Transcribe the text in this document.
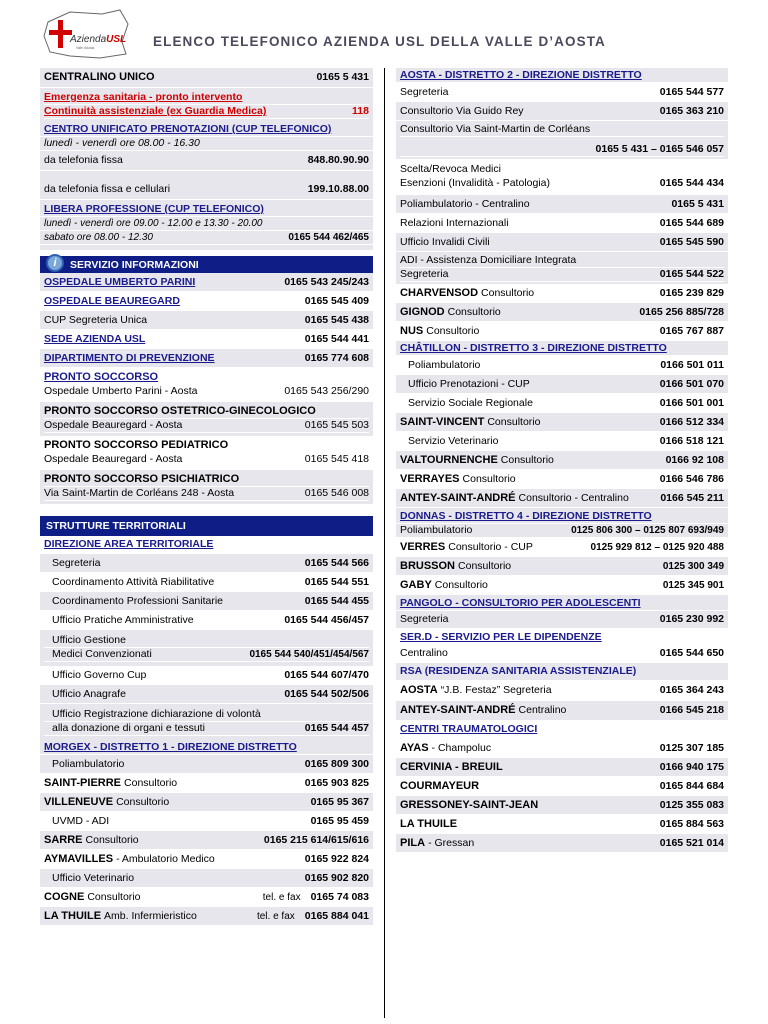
AziendaUSL
Valle d'Aosta	ELENCO TELEFONICO AZIENDA USL DELLA VALLE D’AOSTA
CENTRALINO UNICO	0165 5 431
Emergenza sanitaria - pronto intervento
Continuità assistenziale (ex Guardia Medica)	118
CENTRO UNIFICATO PRENOTAZIONI (CUP TELEFONICO)
lunedì - venerdì ore 08.00 - 16.30
da telefonia fissa	848.80.90.90
da telefonia fissa e cellulari	199.10.88.00
LIBERA PROFESSIONE (CUP TELEFONICO)
lunedì - venerdì ore 09.00 - 12.00 e 13.30 - 20.00
sabato ore 08.00 - 12.30	0165 544 462/465
i	SERVIZIO INFORMAZIONI
OSPEDALE UMBERTO PARINI	0165 543 245/243
OSPEDALE BEAUREGARD	0165 545 409
CUP Segreteria Unica	0165 545 438
SEDE AZIENDA USL	0165 544 441
DIPARTIMENTO DI PREVENZIONE	0165 774 608
PRONTO SOCCORSO
Ospedale Umberto Parini - Aosta	0165 543 256/290
PRONTO SOCCORSO OSTETRICO-GINECOLOGICO
Ospedale Beauregard - Aosta	0165 545 503
PRONTO SOCCORSO PEDIATRICO
Ospedale Beauregard - Aosta	0165 545 418
PRONTO SOCCORSO PSICHIATRICO
Via Saint-Martin de Corléans 248 - Aosta	0165 546 008
STRUTTURE TERRITORIALI
DIREZIONE AREA TERRITORIALE
Segreteria	0165 544 566
Coordinamento Attività Riabilitative	0165 544 551
Coordinamento Professioni Sanitarie	0165 544 455
Ufficio Pratiche Amministrative	0165 544 456/457
Ufficio Gestione
Medici Convenzionati	0165 544 540/451/454/567
Ufficio Governo Cup	0165 544 607/470
Ufficio Anagrafe	0165 544 502/506
Ufficio Registrazione dichiarazione di volontà
alla donazione di organi e tessuti	0165 544 457
MORGEX - DISTRETTO 1 - DIREZIONE DISTRETTO
Poliambulatorio	0165 809 300
SAINT-PIERRE Consultorio	0165 903 825
VILLENEUVE Consultorio	0165 95 367
UVMD - ADI	0165 95 459
SARRE Consultorio	0165 215 614/615/616
AYMAVILLES - Ambulatorio Medico	0165 922 824
Ufficio Veterinario	0165 902 820
COGNE Consultorio	tel. e fax 0165 74 083
LA THUILE Amb. Infermieristico	tel. e fax 0165 884 041
AOSTA - DISTRETTO 2 - DIREZIONE DISTRETTO
Segreteria	0165 544 577
Consultorio Via Guido Rey	0165 363 210
Consultorio Via Saint-Martin de Corléans
0165 5 431 – 0165 546 057
Scelta/Revoca Medici
Esenzioni (Invalidità - Patologia)	0165 544 434
Poliambulatorio - Centralino	0165 5 431
Relazioni Internazionali	0165 544 689
Ufficio Invalidi Civili	0165 545 590
ADI - Assistenza Domiciliare Integrata
Segreteria	0165 544 522
CHARVENSOD Consultorio	0165 239 829
GIGNOD Consultorio	0165 256 885/728
NUS Consultorio	0165 767 887
CHÂTILLON - DISTRETTO 3 - DIREZIONE DISTRETTO
Poliambulatorio	0166 501 011
Ufficio Prenotazioni - CUP	0166 501 070
Servizio Sociale Regionale	0166 501 001
SAINT-VINCENT Consultorio	0166 512 334
Servizio Veterinario	0166 518 121
VALTOURNENCHE Consultorio	0166 92 108
VERRAYES Consultorio	0166 546 786
ANTEY-SAINT-ANDRÉ Consultorio - Centralino	0166 545 211
DONNAS - DISTRETTO 4 - DIREZIONE DISTRETTO
Poliambulatorio	0125 806 300 – 0125 807 693/949
VERRES Consultorio - CUP	0125 929 812 – 0125 920 488
BRUSSON Consultorio	0125 300 349
GABY Consultorio	0125 345 901
PANGOLO - CONSULTORIO PER ADOLESCENTI
Segreteria	0165 230 992
SER.D - SERVIZIO PER LE DIPENDENZE
Centralino	0165 544 650
RSA (RESIDENZA SANITARIA ASSISTENZIALE)
AOSTA “J.B. Festaz” Segreteria	0165 364 243
ANTEY-SAINT-ANDRÉ Centralino	0166 545 218
CENTRI TRAUMATOLOGICI
AYAS - Champoluc	0125 307 185
CERVINIA - BREUIL	0166 940 175
COURMAYEUR	0165 844 684
GRESSONEY-SAINT-JEAN	0125 355 083
LA THUILE	0165 884 563
PILA - Gressan	0165 521 014
